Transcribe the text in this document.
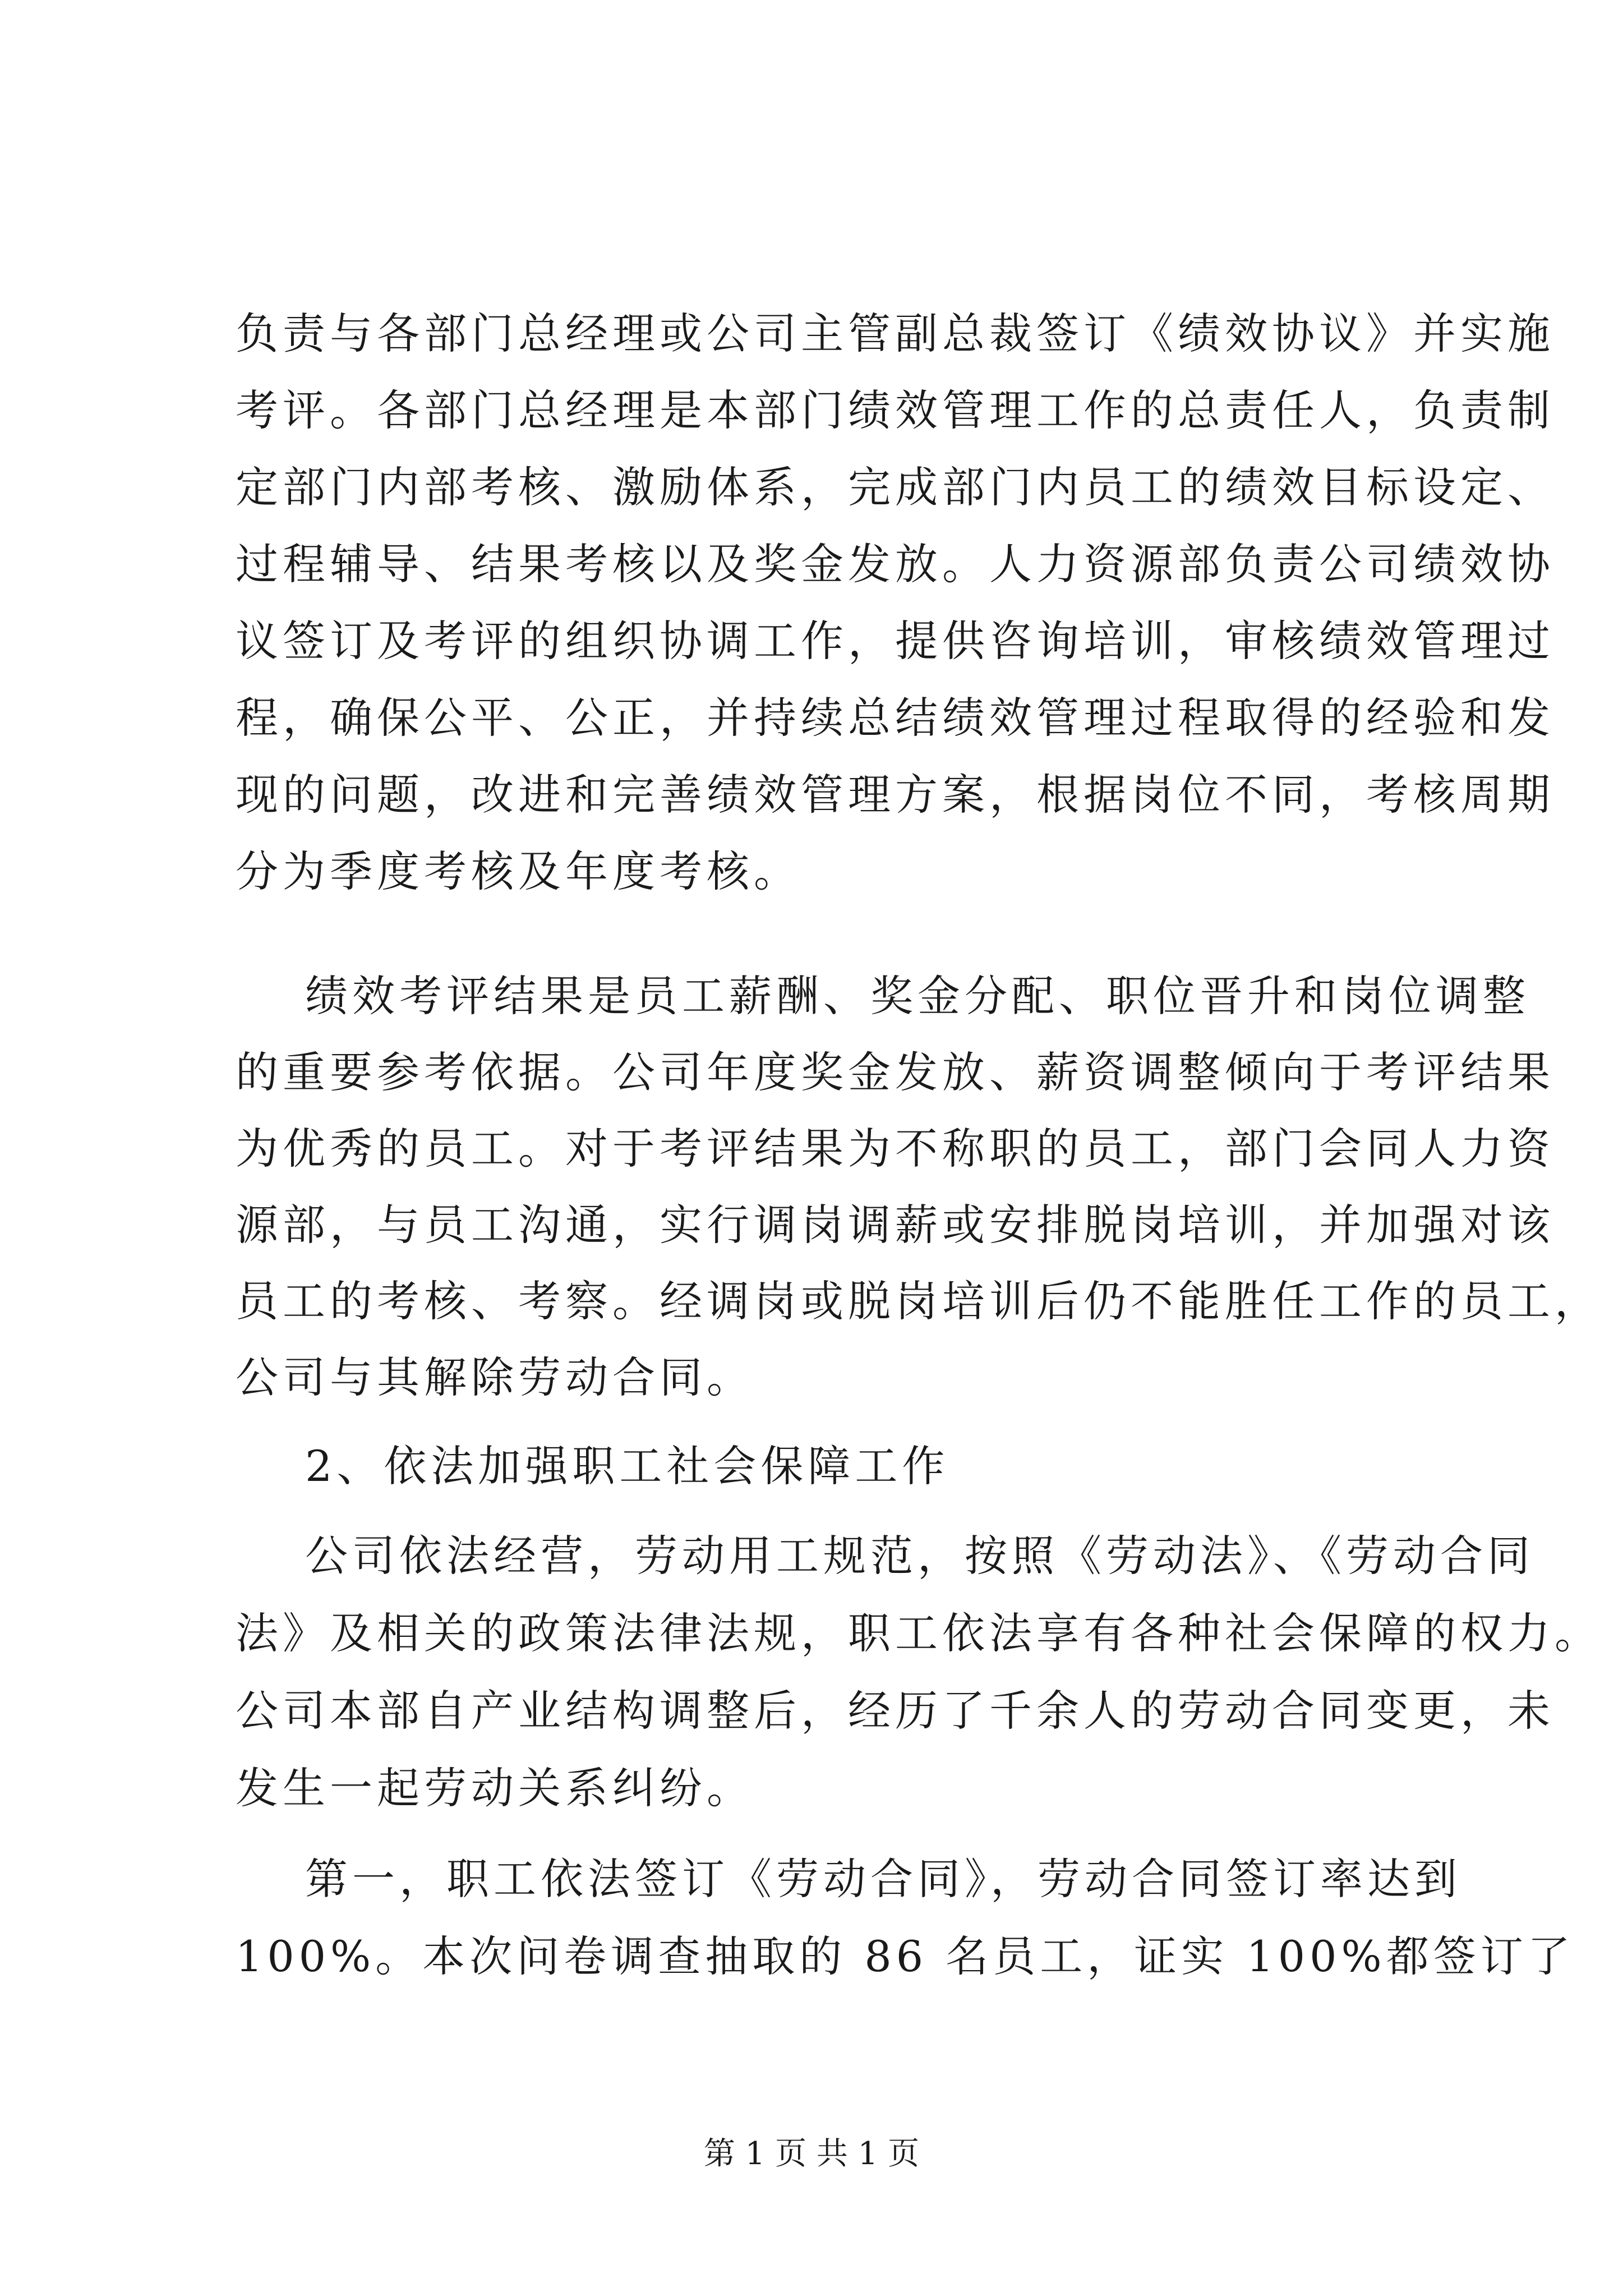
负责与各部门总经理或公司主管副总裁签订《绩效协议》并实施
考评。各部门总经理是本部门绩效管理工作的总责任人，负责制
定部门内部考核、激励体系，完成部门内员工的绩效目标设定、
过程辅导、结果考核以及奖金发放。人力资源部负责公司绩效协
议签订及考评的组织协调工作，提供咨询培训，审核绩效管理过
程，确保公平、公正，并持续总结绩效管理过程取得的经验和发
现的问题，改进和完善绩效管理方案，根据岗位不同，考核周期
分为季度考核及年度考核。
绩效考评结果是员工薪酬、奖金分配、职位晋升和岗位调整
的重要参考依据。公司年度奖金发放、薪资调整倾向于考评结果
为优秀的员工。对于考评结果为不称职的员工，部门会同人力资
源部，与员工沟通，实行调岗调薪或安排脱岗培训，并加强对该
员工的考核、考察。经调岗或脱岗培训后仍不能胜任工作的员工，
公司与其解除劳动合同。
2、依法加强职工社会保障工作
公司依法经营，劳动用工规范，按照《劳动法》、《劳动合同
法》及相关的政策法律法规，职工依法享有各种社会保障的权力。
公司本部自产业结构调整后，经历了千余人的劳动合同变更，未
发生一起劳动关系纠纷。
第一，职工依法签订《劳动合同》，劳动合同签订率达到
100%。本次问卷调查抽取的 86 名员工，证实 100%都签订了
第 1 页 共 1 页
